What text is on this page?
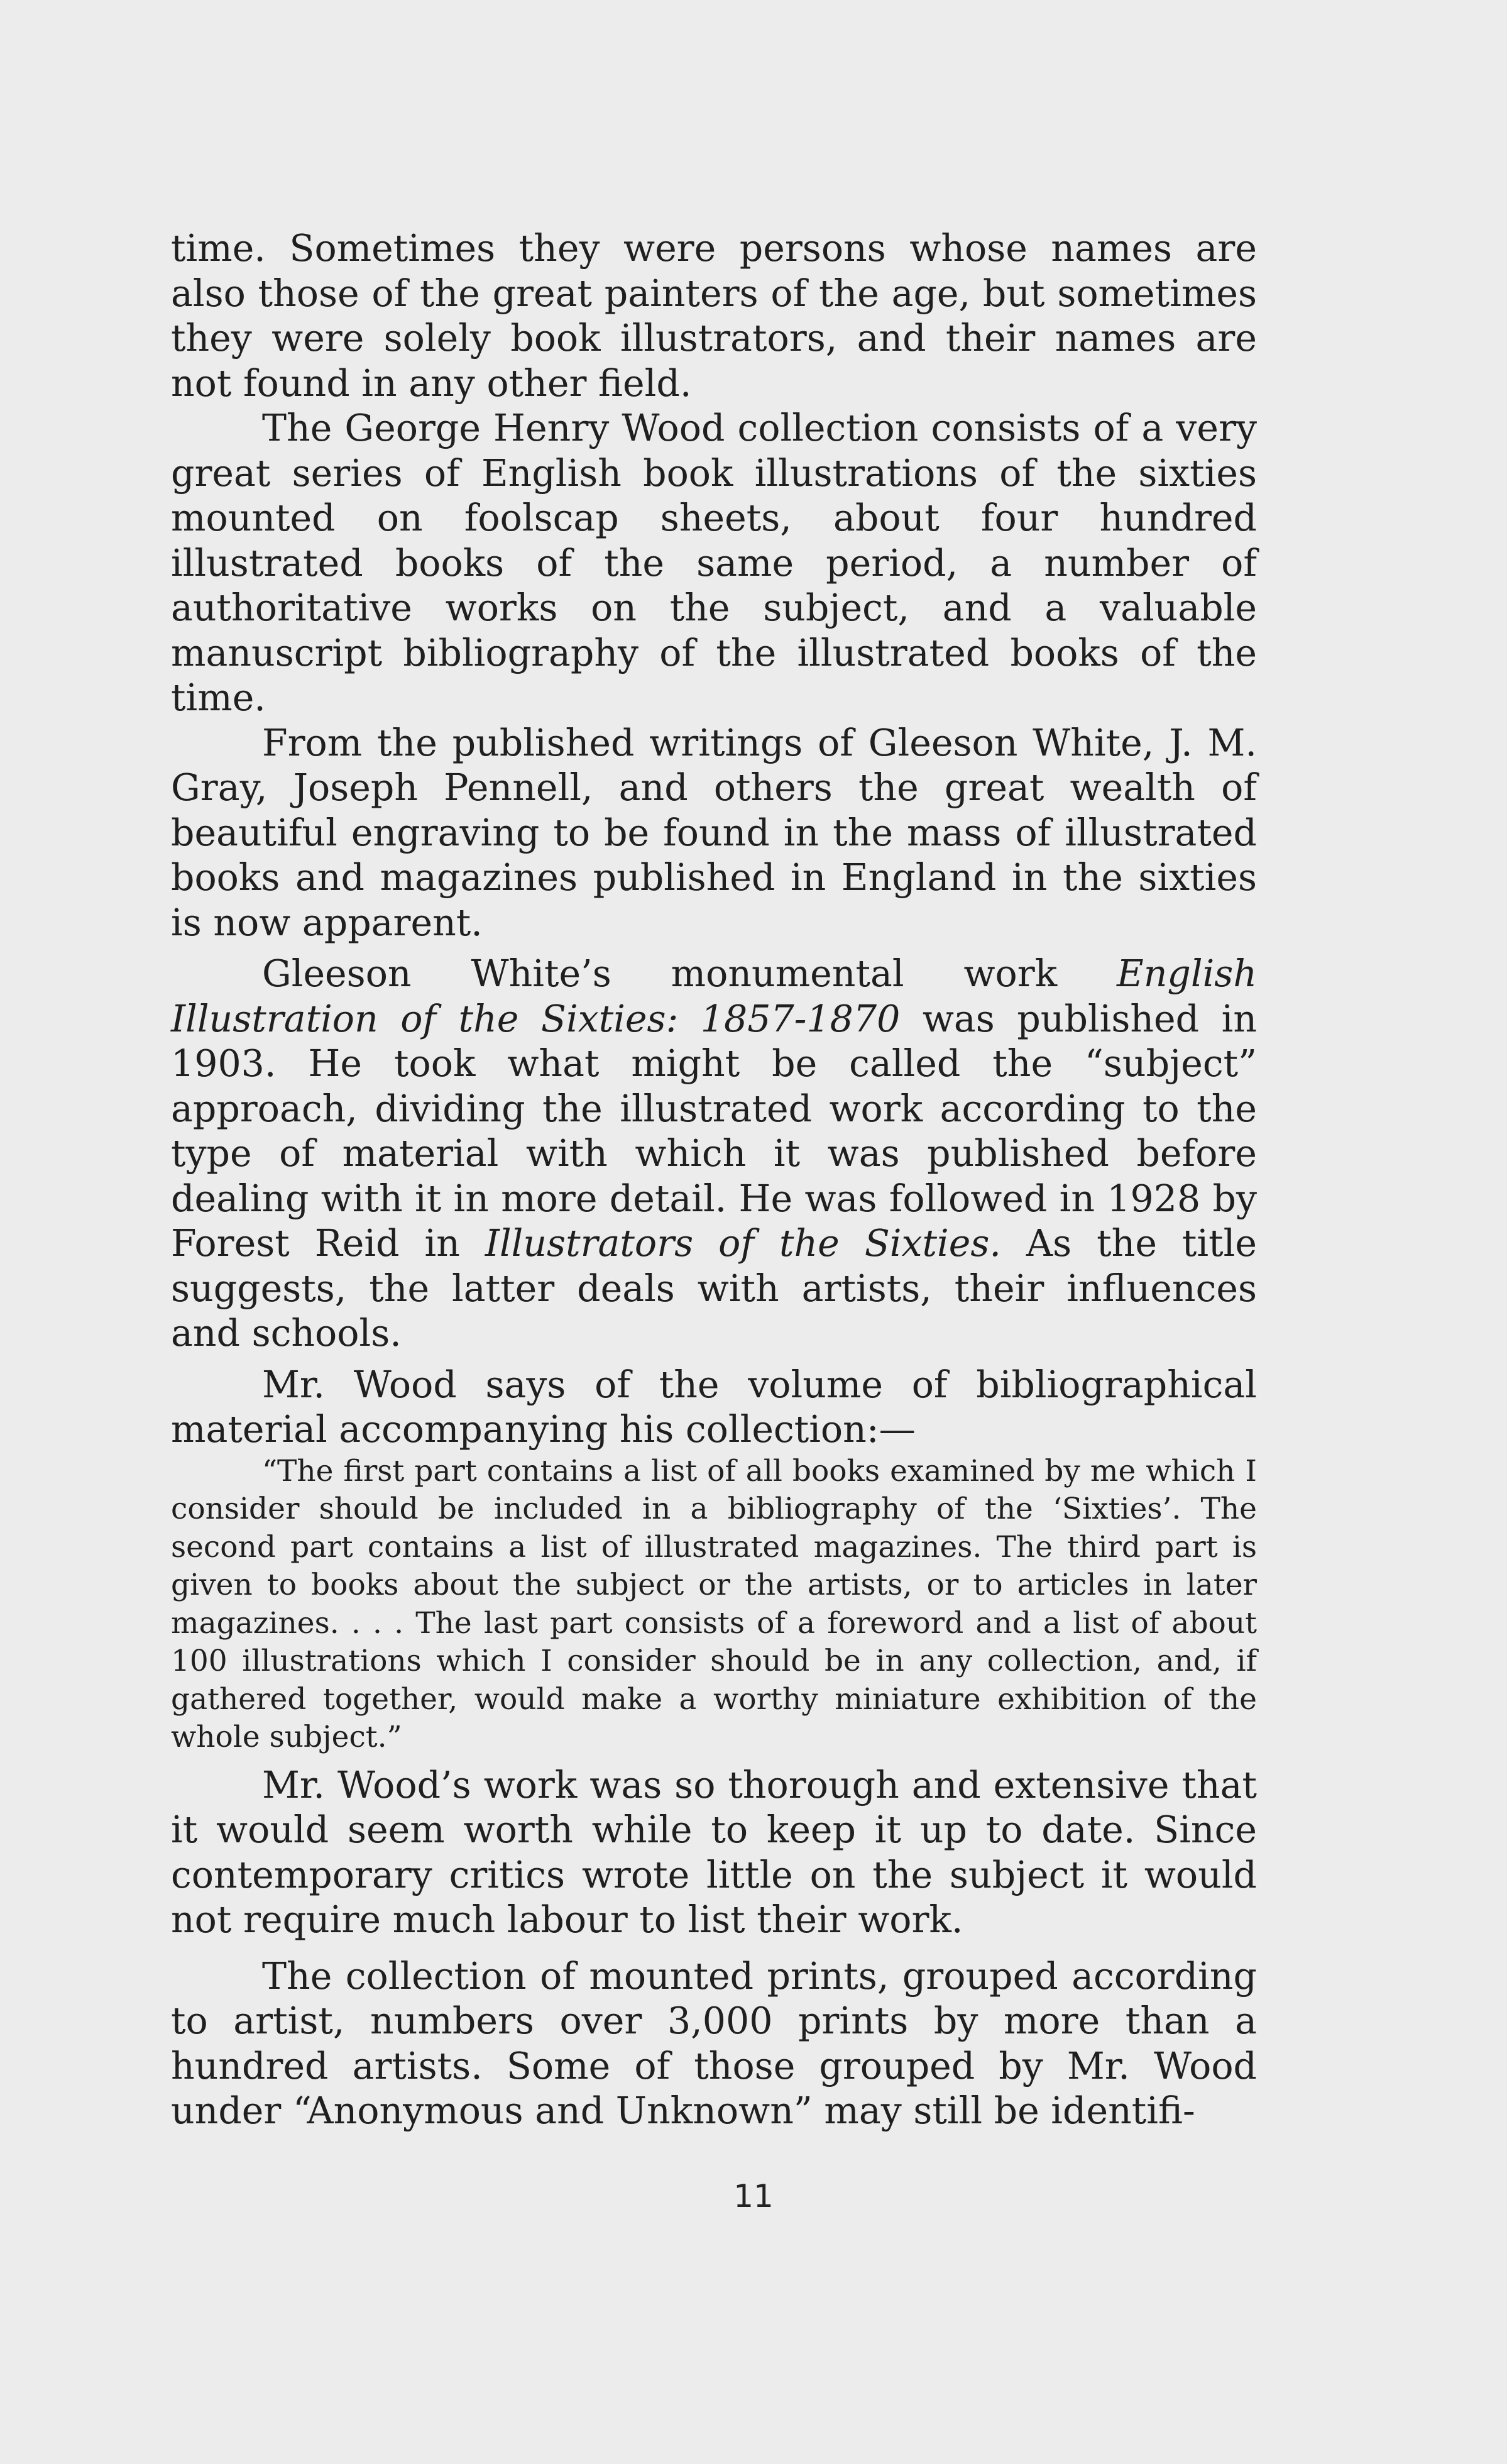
time. Sometimes they were persons whose names are also those of the great painters of the age, but sometimes they were solely book illustrators, and their names are not found in any other field.

The George Henry Wood collection consists of a very great series of English book illustrations of the sixties mounted on foolscap sheets, about four hundred illustrated books of the same period, a number of authoritative works on the subject, and a valuable manuscript bibliography of the illustrated books of the time.

From the published writings of Gleeson White, J. M. Gray, Joseph Pennell, and others the great wealth of beautiful engraving to be found in the mass of illustrated books and magazines published in England in the sixties is now apparent.

Gleeson White’s monumental work English Illustration of the Sixties: 1857-1870 was published in 1903. He took what might be called the “subject” approach, dividing the illustrated work according to the type of material with which it was published before dealing with it in more detail. He was followed in 1928 by Forest Reid in Illustrators of the Sixties. As the title suggests, the latter deals with artists, their influences and schools.

Mr. Wood says of the volume of bibliographical material accompanying his collection:—

“The first part contains a list of all books examined by me which I consider should be included in a bibliography of the ‘Sixties’. The second part contains a list of illustrated magazines. The third part is given to books about the subject or the artists, or to articles in later magazines. . . . The last part consists of a foreword and a list of about 100 illustrations which I consider should be in any collection, and, if gathered together, would make a worthy miniature exhibition of the whole subject.”

Mr. Wood’s work was so thorough and extensive that it would seem worth while to keep it up to date. Since contemporary critics wrote little on the subject it would not require much labour to list their work.

The collection of mounted prints, grouped according to artist, numbers over 3,000 prints by more than a hundred artists. Some of those grouped by Mr. Wood under “Anonymous and Unknown” may still be identifi-

11
